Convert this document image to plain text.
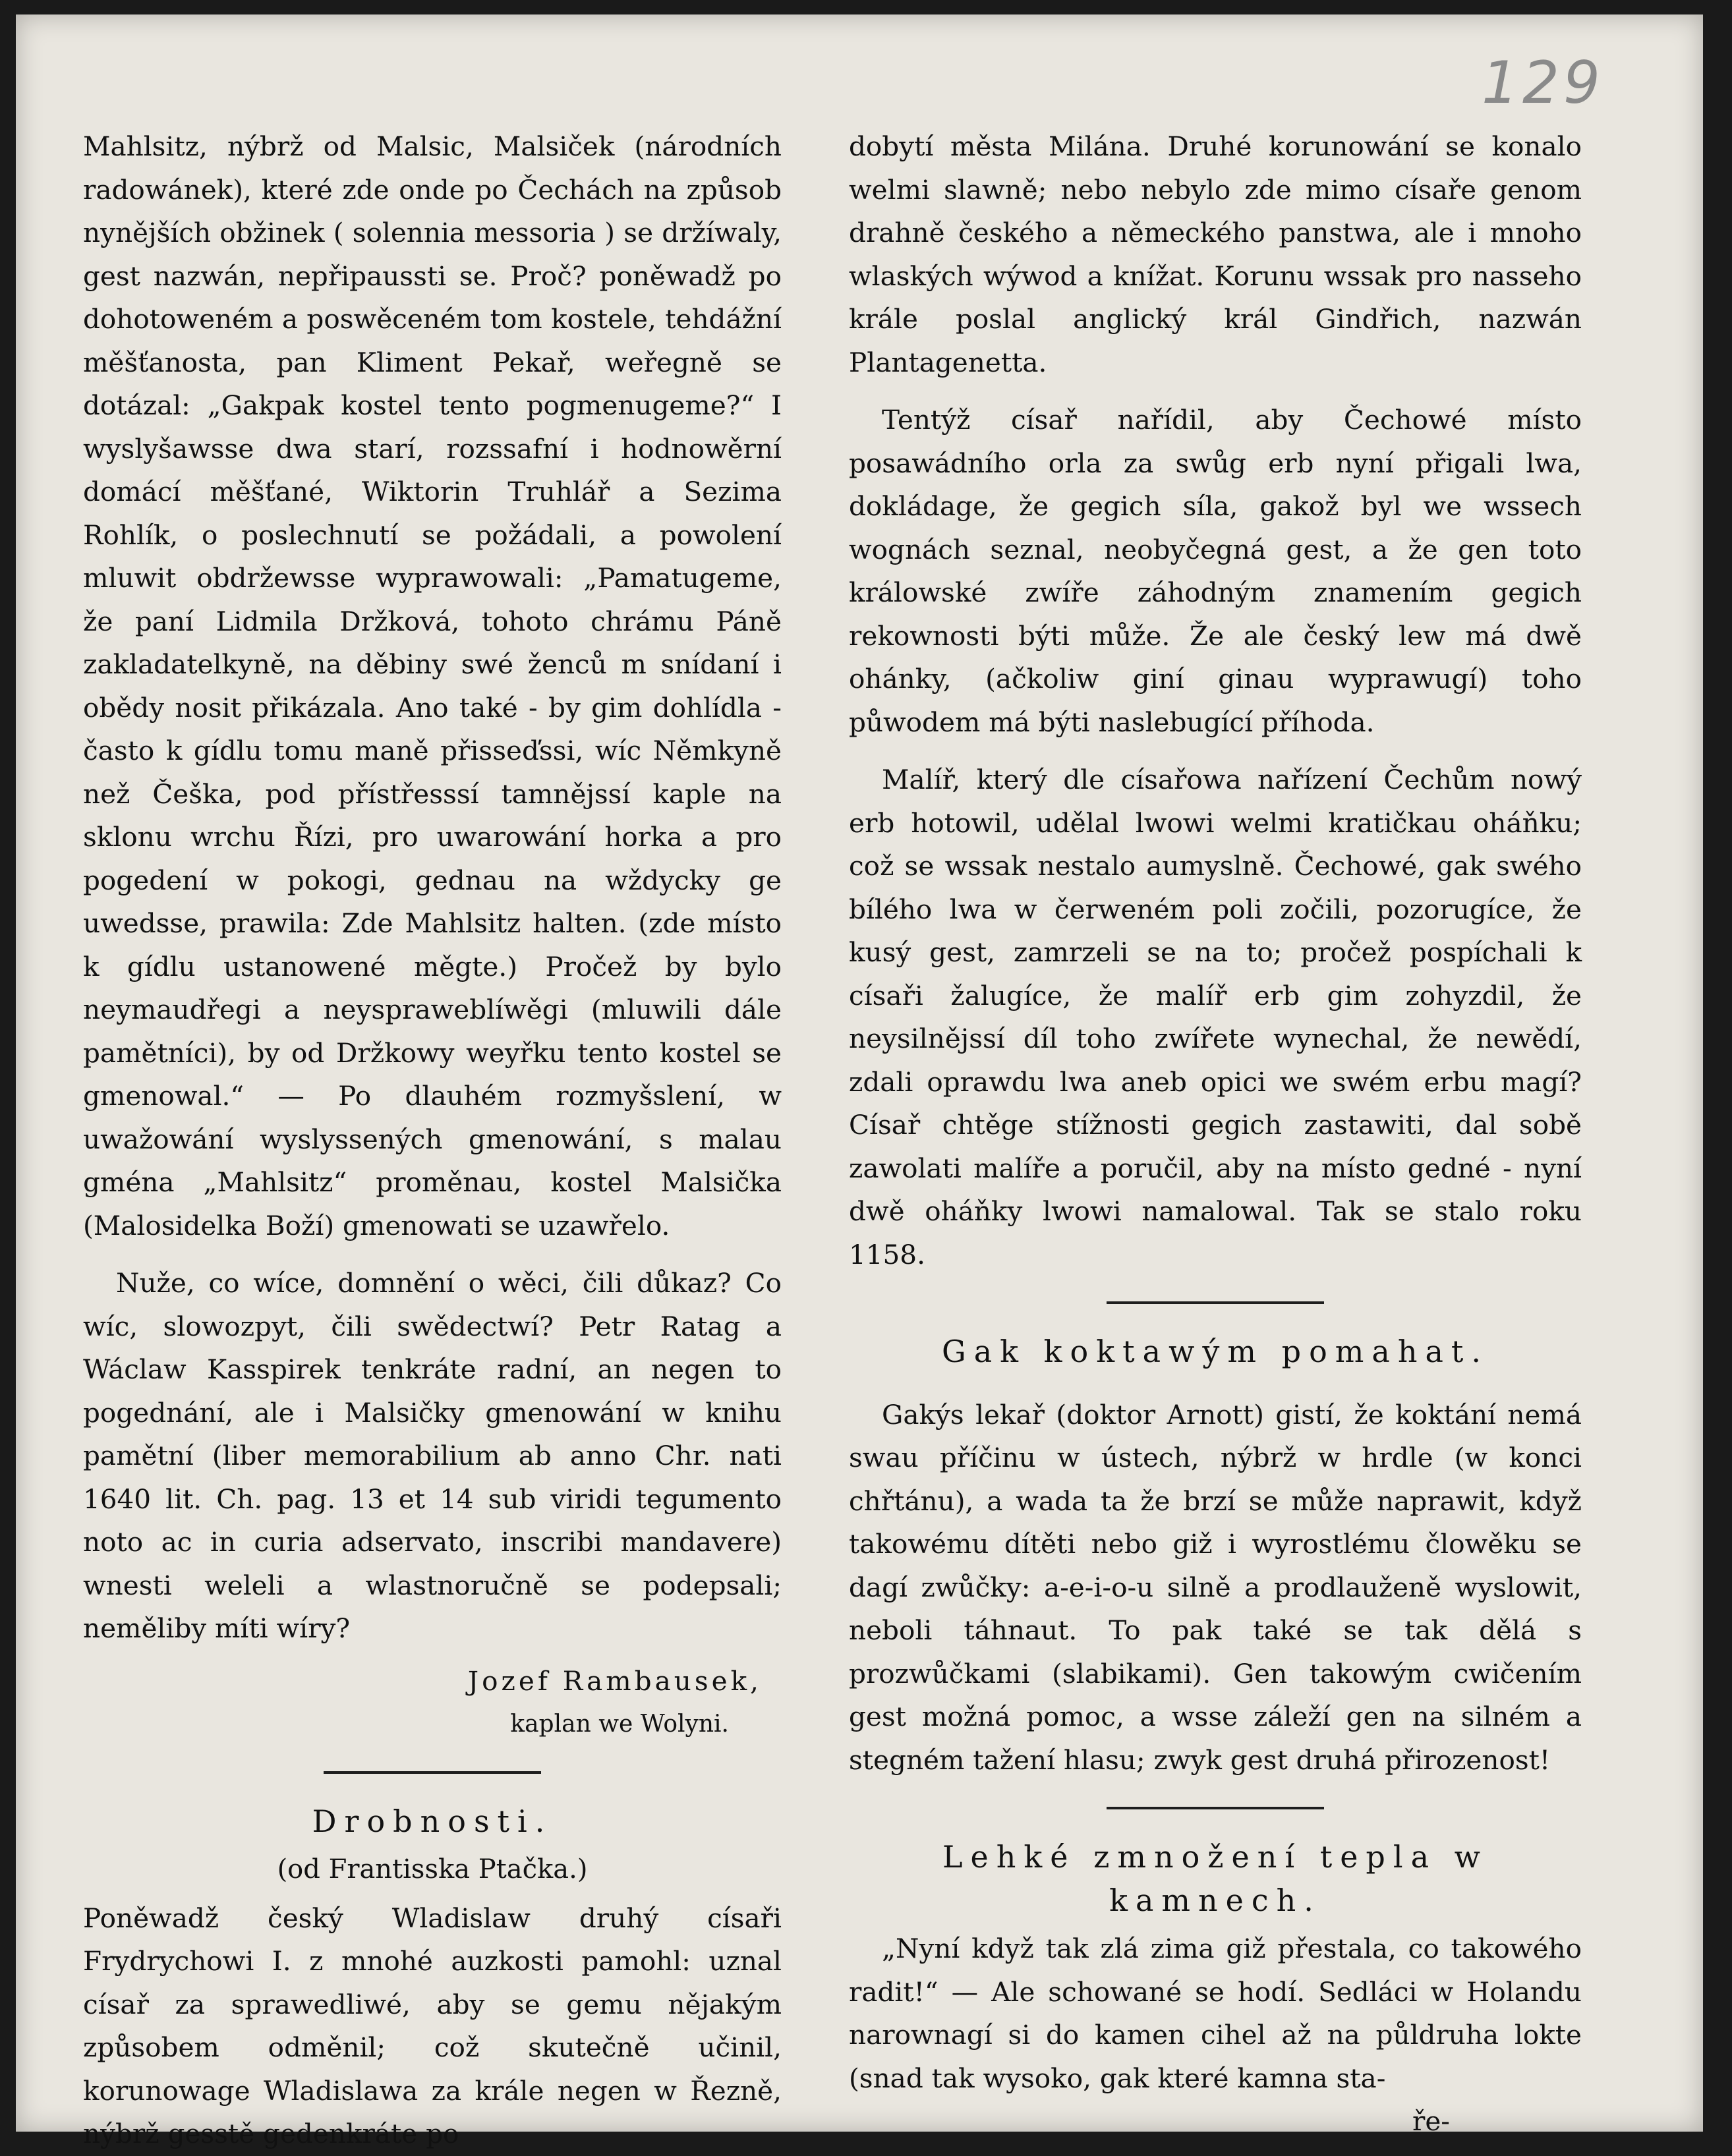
129

Mahlsitz, nýbrž od Malsic, Malsiček (národních radowánek), které zde onde po Čechách na způsob nynějších obžinek ( solennia messoria ) se držíwaly, gest nazwán, nepřipaussti se. Proč? poněwadž po dohotoweném a poswěceném tom kostele, tehdážní měšťanosta, pan Kliment Pekař, weřegně se dotázal: „Gakpak kostel tento pogmenugeme?“ I wyslyšawsse dwa starí, rozssafní i hodnowěrní domácí měšťané, Wiktorin Truhlář a Sezima Rohlík, o poslechnutí se požádali, a powolení mluwit obdržewsse wyprawowali: „Pamatugeme, že paní Lidmila Držková, tohoto chrámu Páně zakladatelkyně, na děbiny swé ženců m snídaní i obědy nosit přikázala. Ano také - by gim dohlídla - často k gídlu tomu maně přisseďssi, wíc Němkyně než Češka, pod přístřesssí tamnějssí kaple na sklonu wrchu Řízi, pro uwarowání horka a pro pogedení w pokogi, gednau na wždycky ge uwedsse, prawila: Zde Mahlsitz halten. (zde místo k gídlu ustanowené měgte.) Pročež by bylo neymaudřegi a neyspraweblíwěgi (mluwili dále pamětníci), by od Držkowy weyřku tento kostel se gmenowal.“ — Po dlauhém rozmyšslení, w uwažowání wyslyssených gmenowání, s malau gména „Mahlsitz“ proměnau, kostel Malsička (Malosidelka Boží) gmenowati se uzawřelo.

Nuže, co wíce, domnění o wěci, čili důkaz? Co wíc, slowozpyt, čili swědectwí? Petr Ratag a Wáclaw Kasspirek tenkráte radní, an negen to pogednání, ale i Malsičky gmenowání w knihu pamětní (liber memorabilium ab anno Chr. nati 1640 lit. Ch. pag. 13 et 14 sub viridi tegumento noto ac in curia adservato, inscribi mandavere) wnesti weleli a wlastnoručně se podepsali; neměliby míti wíry?

Jozef Rambausek,
kaplan we Wolyni.
Drobnosti.
(od Frantisska Ptačka.)

Poněwadž český Wladislaw druhý císaři Frydrychowi I. z mnohé auzkosti pamohl: uznal císař za sprawedliwé, aby se gemu nějakým způsobem odměnil; což skutečně učinil, korunowage Wladislawa za krále negen w Řezně, nýbrž gesstě gedenkráte po

dobytí města Milána. Druhé korunowání se konalo welmi slawně; nebo nebylo zde mimo císaře genom drahně českého a německého panstwa, ale i mnoho wlaských wýwod a knížat. Korunu wssak pro nasseho krále poslal anglický král Gindřich, nazwán Plantagenetta.

Tentýž císař nařídil, aby Čechowé místo posawádního orla za swůg erb nyní přigali lwa, dokládage, že gegich síla, gakož byl we wssech wognách seznal, neobyčegná gest, a že gen toto králowské zwíře záhodným znamením gegich rekownosti býti může. Že ale český lew má dwě ohánky, (ačkoliw giní ginau wyprawugí) toho půwodem má býti naslebugící příhoda.

Malíř, který dle císařowa nařízení Čechům nowý erb hotowil, udělal lwowi welmi kratičkau oháňku; což se wssak nestalo aumyslně. Čechowé, gak swého bílého lwa w čerweném poli zočili, pozorugíce, že kusý gest, zamrzeli se na to; pročež pospíchali k císaři žalugíce, že malíř erb gim zohyzdil, že neysilnějssí díl toho zwířete wynechal, že newědí, zdali oprawdu lwa aneb opici we swém erbu magí? Císař chtěge stížnosti gegich zastawiti, dal sobě zawolati malíře a poručil, aby na místo gedné - nyní dwě oháňky lwowi namalowal. Tak se stalo roku 1158.

Gak koktawým pomahat.

Gakýs lekař (doktor Arnott) gistí, že koktání nemá swau příčinu w ústech, nýbrž w hrdle (w konci chřtánu), a wada ta že brzí se může naprawit, když takowému dítěti nebo giž i wyrostlému člowěku se dagí zwůčky: a-e-i-o-u silně a prodlauženě wyslowit, neboli táhnaut. To pak také se tak dělá s prozwůčkami (slabikami). Gen takowým cwičením gest možná pomoc, a wsse záleží gen na silném a stegném tažení hlasu; zwyk gest druhá přirozenost!

Lehké zmnožení tepla w kamnech.

„Nyní když tak zlá zima giž přestala, co takowého radit!“ — Ale schowané se hodí. Sedláci w Holandu narownagí si do kamen cihel až na půldruha lokte (snad tak wysoko, gak které kamna sta-

ře-
